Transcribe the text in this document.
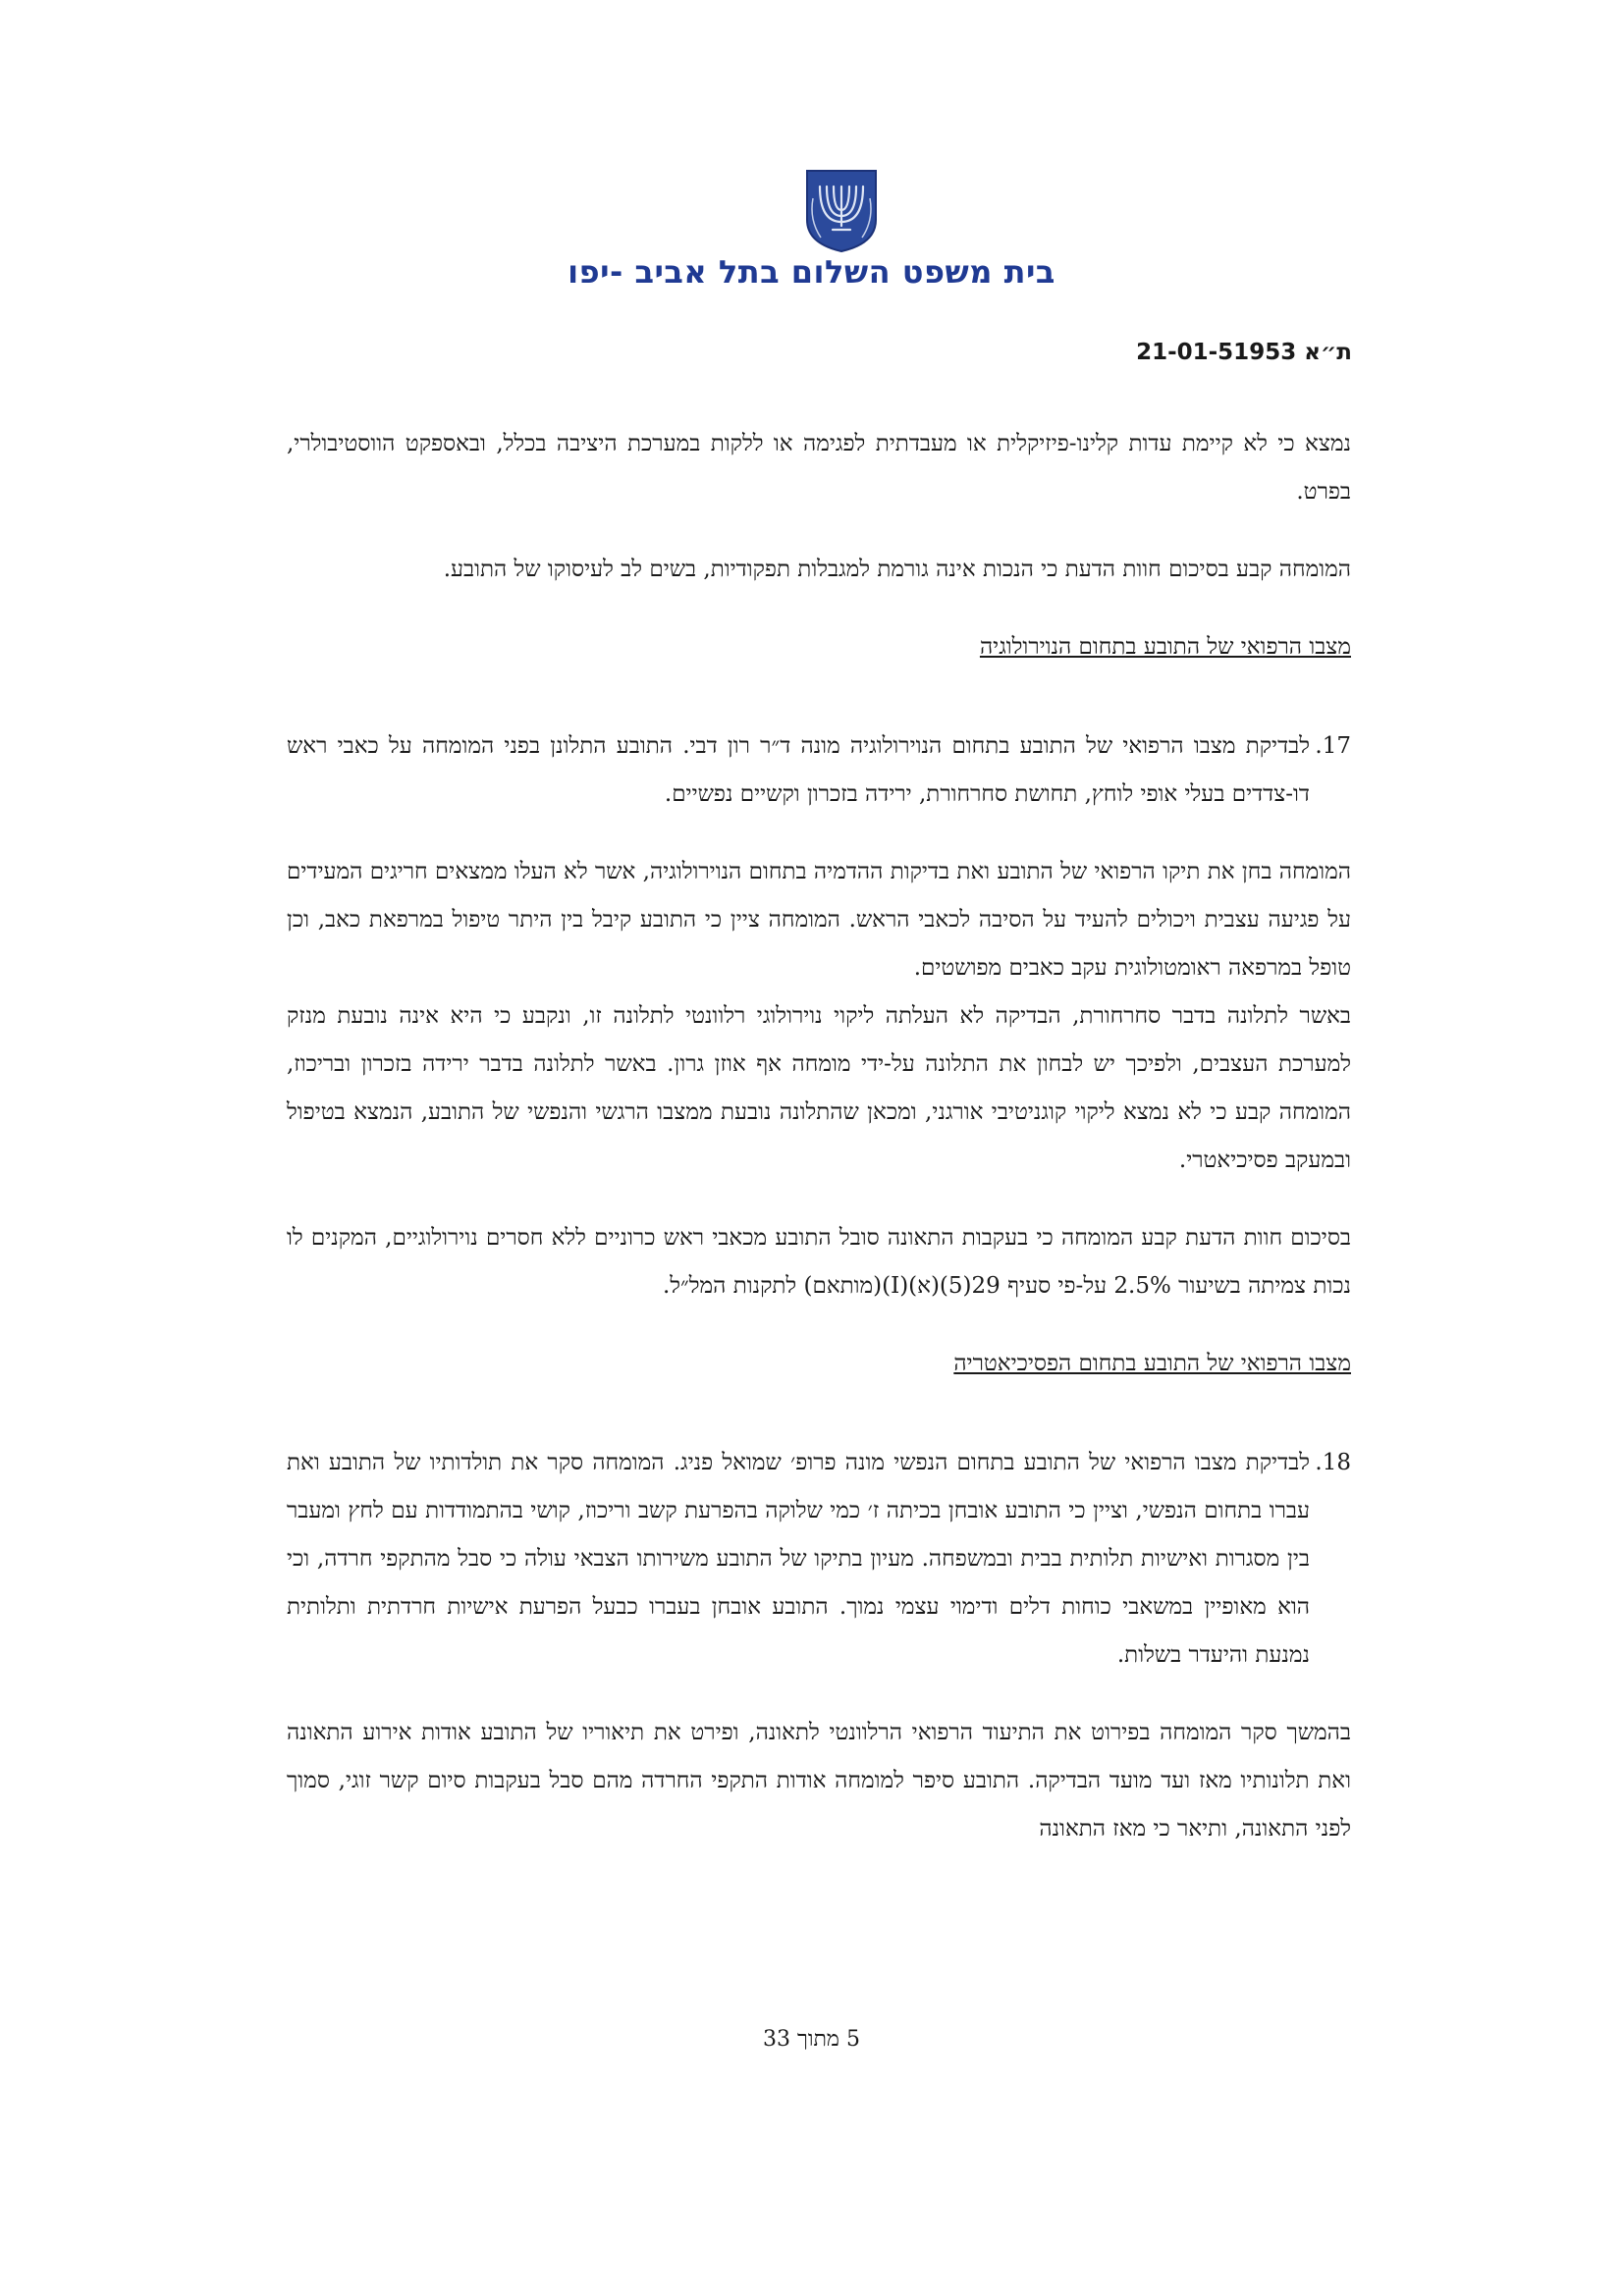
בית משפט השלום בתל אביב -יפו
ת״א 21-01-51953

נמצא כי לא קיימת עדות קלינו-פיזיקלית או מעבדתית לפגימה או ללקות במערכת היציבה בכלל, ובאספקט הווסטיבולרי, בפרט.

המומחה קבע בסיכום חוות הדעת כי הנכות אינה גורמת למגבלות תפקודיות, בשים לב לעיסוקו של התובע.

מצבו הרפואי של התובע בתחום הנוירולוגיה

17.
לבדיקת מצבו הרפואי של התובע בתחום הנוירולוגיה מונה ד״ר רון דבי. התובע התלונן בפני המומחה על כאבי ראש דו-צדדים בעלי אופי לוחץ, תחושת סחרחורת, ירידה בזכרון וקשיים נפשיים.

המומחה בחן את תיקו הרפואי של התובע ואת בדיקות ההדמיה בתחום הנוירולוגיה, אשר לא העלו ממצאים חריגים המעידים על פגיעה עצבית ויכולים להעיד על הסיבה לכאבי הראש. המומחה ציין כי התובע קיבל בין היתר טיפול במרפאת כאב, וכן טופל במרפאה ראומטולוגית עקב כאבים מפושטים.

באשר לתלונה בדבר סחרחורת, הבדיקה לא העלתה ליקוי נוירולוגי רלוונטי לתלונה זו, ונקבע כי היא אינה נובעת מנזק למערכת העצבים, ולפיכך יש לבחון את התלונה על-ידי מומחה אף אוזן גרון. באשר לתלונה בדבר ירידה בזכרון ובריכוז, המומחה קבע כי לא נמצא ליקוי קוגניטיבי אורגני, ומכאן שהתלונה נובעת ממצבו הרגשי והנפשי של התובע, הנמצא בטיפול ובמעקב פסיכיאטרי.

בסיכום חוות הדעת קבע המומחה כי בעקבות התאונה סובל התובע מכאבי ראש כרוניים ללא חסרים נוירולוגיים, המקנים לו נכות צמיתה בשיעור 2.5% על-פי סעיף 29(5)(א)(I)(מותאם) לתקנות המל״ל.

מצבו הרפואי של התובע בתחום הפסיכיאטריה

18.
לבדיקת מצבו הרפואי של התובע בתחום הנפשי מונה פרופ׳ שמואל פניג. המומחה סקר את תולדותיו של התובע ואת עברו בתחום הנפשי, וציין כי התובע אובחן בכיתה ז׳ כמי שלוקה בהפרעת קשב וריכוז, קושי בהתמודדות עם לחץ ומעבר בין מסגרות ואישיות תלותית בבית ובמשפחה. מעיון בתיקו של התובע משירותו הצבאי עולה כי סבל מהתקפי חרדה, וכי הוא מאופיין במשאבי כוחות דלים ודימוי עצמי נמוך. התובע אובחן בעברו כבעל הפרעת אישיות חרדתית ותלותית נמנעת והיעדר בשלות.

בהמשך סקר המומחה בפירוט את התיעוד הרפואי הרלוונטי לתאונה, ופירט את תיאוריו של התובע אודות אירוע התאונה ואת תלונותיו מאז ועד מועד הבדיקה. התובע סיפר למומחה אודות התקפי החרדה מהם סבל בעקבות סיום קשר זוגי, סמוך לפני התאונה, ותיאר כי מאז התאונה

5 מתוך 33
